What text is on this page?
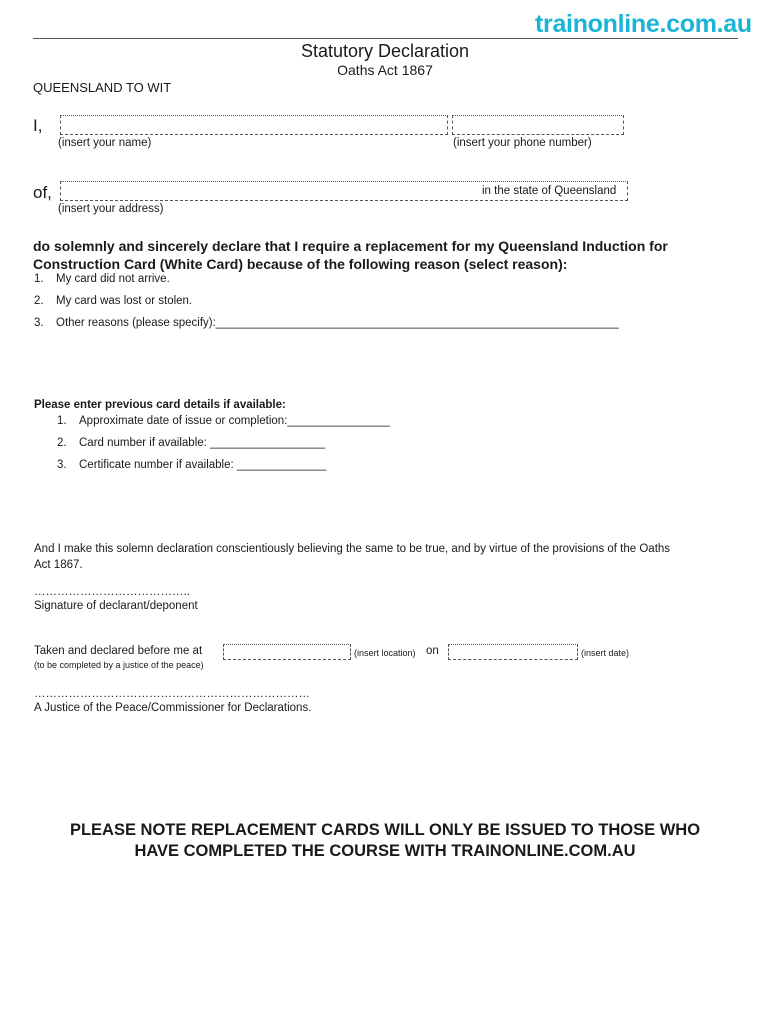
trainonline.com.au
Statutory Declaration
Oaths Act 1867
QUEENSLAND TO WIT
I,
(insert your name)	(insert your phone number)
of,	in the state of Queensland
(insert your address)
do solemnly and sincerely declare that I require a replacement for my Queensland Induction for
Construction Card (White Card) because of the following reason (select reason):
1. My card did not arrive.
2. My card was lost or stolen.
3. Other reasons (please specify):_______________________________________________________________
Please enter previous card details if available:
1. Approximate date of issue or completion:________________
2. Card number if available: __________________
3. Certificate number if available: ______________
And I make this solemn declaration conscientiously believing the same to be true, and by virtue of the provisions of the Oaths
Act 1867.
…………………………………..
Signature of declarant/deponent
Taken and declared before me at	(insert location) on	(insert date)
(to be completed by a justice of the peace)
………………………………………………………………
A Justice of the Peace/Commissioner for Declarations.
PLEASE NOTE REPLACEMENT CARDS WILL ONLY BE ISSUED TO THOSE WHO
HAVE COMPLETED THE COURSE WITH TRAINONLINE.COM.AU
